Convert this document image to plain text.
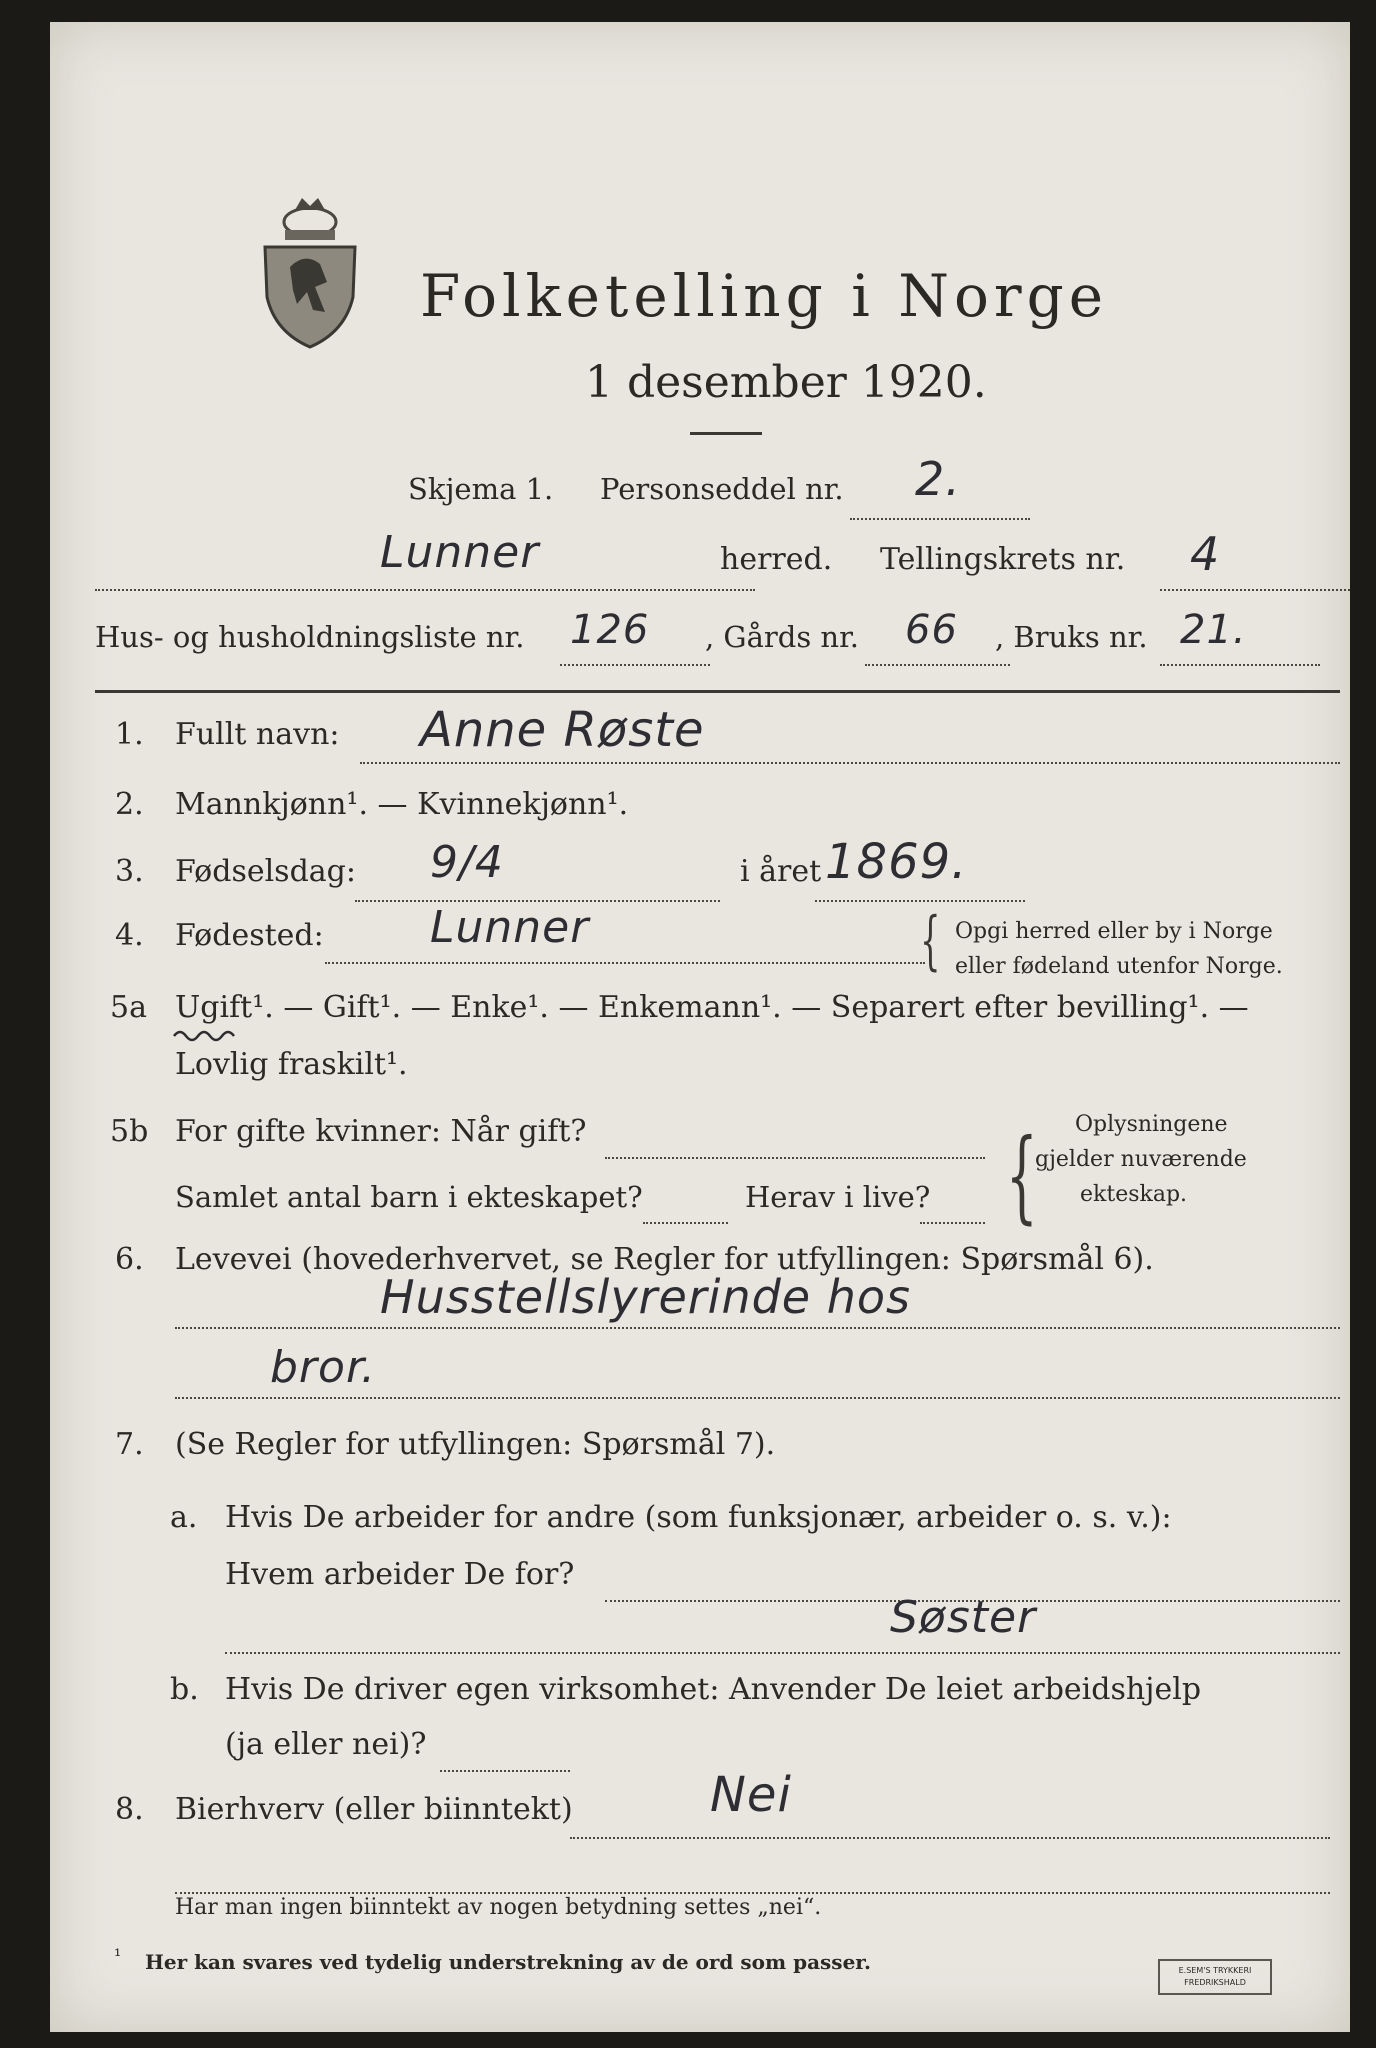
Folketelling i Norge
1 desember 1920.
Skjema 1. Personseddel nr. 2.
Lunner	herred. Tellingskrets nr. 4
Hus- og husholdningsliste nr. 126 , Gårds nr. 66 , Bruks nr. 21.
1. Fullt navn: Anne Røste
2. Mannkjønn¹. — Kvinnekjønn¹.
3. Fødselsdag: 9/4	i året 1869.
4. Fødested: Lunner	{ Opgi herred eller by i Norge
eller fødeland utenfor Norge.
5a Ugift¹. — Gift¹. — Enke¹. — Enkemann¹. — Separert efter bevilling¹. —
Lovlig fraskilt¹.
5b For gifte kvinner: Når gift?
Samlet antal barn i ekteskapet?	Herav i live? { Oplysningene
gjelder nuværende
ekteskap.
6. Levevei (hovederhvervet, se Regler for utfyllingen: Spørsmål 6).
Husstellslyrerinde hos
bror.
7. (Se Regler for utfyllingen: Spørsmål 7).
a. Hvis De arbeider for andre (som funksjonær, arbeider o. s. v.):
Hvem arbeider De for?
Søster
b. Hvis De driver egen virksomhet: Anvender De leiet arbeidshjelp
(ja eller nei)?
8. Bierhverv (eller biinntekt)	Nei
Har man ingen biinntekt av nogen betydning settes „nei“.
¹ Her kan svares ved tydelig understrekning av de ord som passer.	E.SEM'S TRYKKERI
FREDRIKSHALD
